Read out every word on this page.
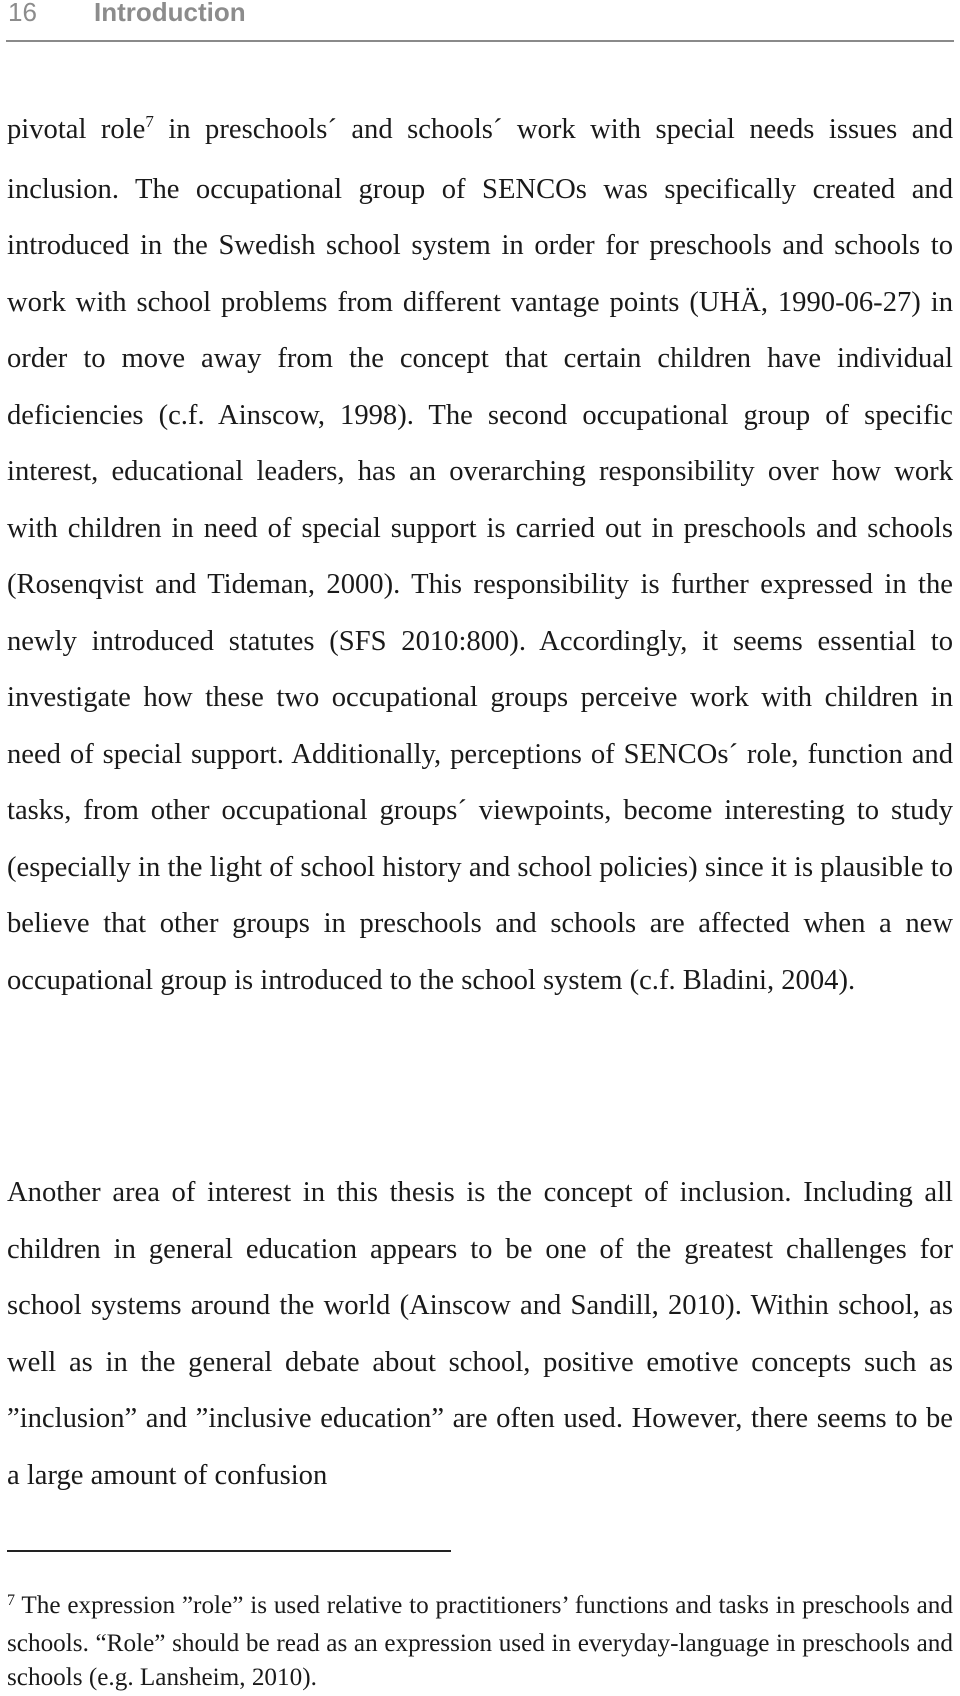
16 Introduction

pivotal role$^7$ in preschools´ and schools´ work with special needs issues and inclusion. The occupational group of SENCOs was specifically created and introduced in the Swedish school system in order for preschools and schools to work with school problems from different vantage points (UHÄ, 1990-06-27) in order to move away from the concept that certain children have individual deficiencies (c.f. Ainscow, 1998). The second occupational group of specific interest, educational leaders, has an overarching responsibility over how work with children in need of special support is carried out in preschools and schools (Rosenqvist and Tideman, 2000). This responsibility is further expressed in the newly introduced statutes (SFS 2010:800). Accordingly, it seems essential to investigate how these two occupational groups perceive work with children in need of special support. Additionally, perceptions of SENCOs´ role, function and tasks, from other occupational groups´ viewpoints, become interesting to study (especially in the light of school history and school policies) since it is plausible to believe that other groups in preschools and schools are affected when a new occupational group is introduced to the school system (c.f. Bladini, 2004).

Another area of interest in this thesis is the concept of inclusion. Including all children in general education appears to be one of the greatest challenges for school systems around the world (Ainscow and Sandill, 2010). Within school, as well as in the general debate about school, positive emotive concepts such as ”inclusion” and ”inclusive education” are often used. However, there seems to be a large amount of confusion

$^7$ The expression ”role” is used relative to practitioners’ functions and tasks in preschools and schools. “Role” should be read as an expression used in everyday-language in preschools and schools (e.g. Lansheim, 2010).
